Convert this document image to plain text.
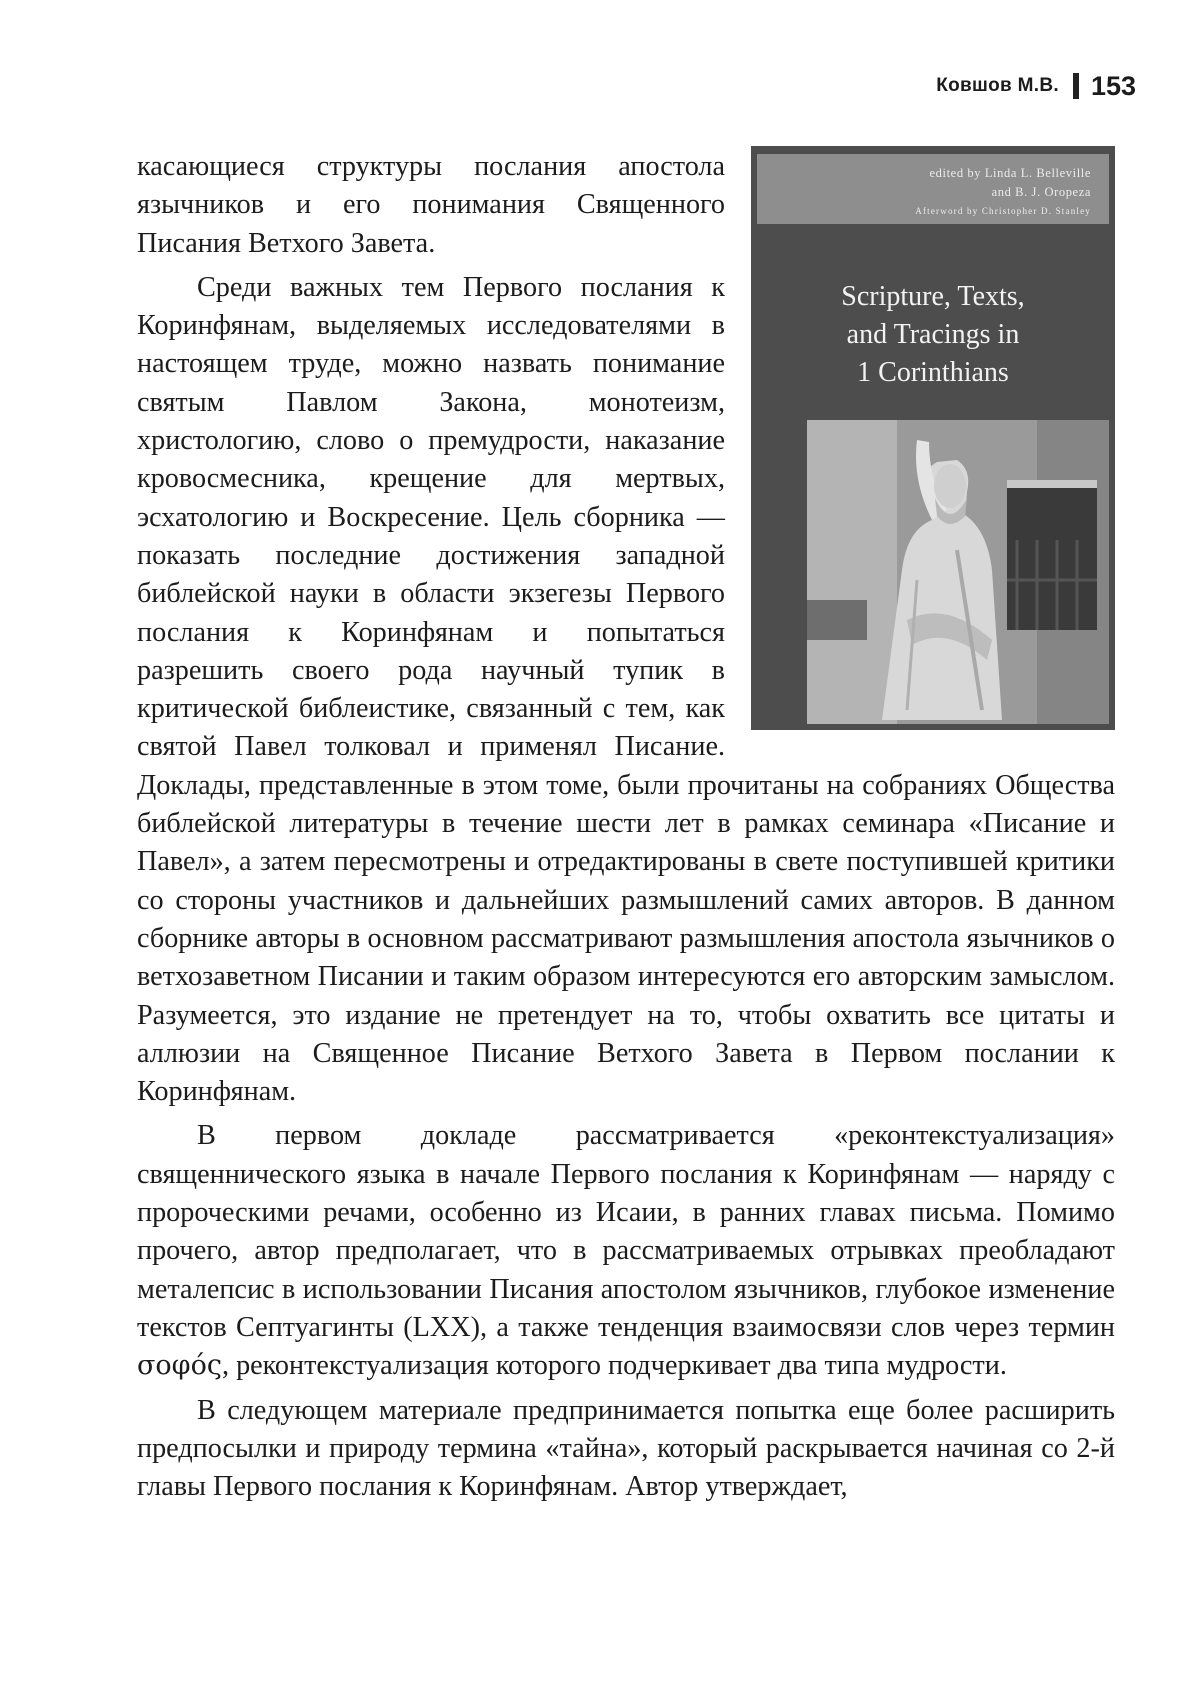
Ковшов М.В. 153
edited by Linda L. Belleville
and B. J. Oropeza
Afterword by Christopher D. Stanley
Scripture, Texts,
and Tracings in
1 Corinthians

касающиеся структуры послания апостола язычников и его понимания Священного Писания Ветхого Завета.

Среди важных тем Первого послания к Коринфянам, выделяемых исследователями в настоящем труде, можно назвать понимание святым Павлом Закона, монотеизм, христологию, слово о премудрости, наказание кровосмесника, крещение для мертвых, эсхатологию и Воскресение. Цель сборника — показать последние достижения западной библейской науки в области экзегезы Первого послания к Коринфянам и попытаться разрешить своего рода научный тупик в критической библеистике, связанный с тем, как святой Павел толковал и применял Писание. Доклады, представленные в этом томе, были прочитаны на собраниях Общества библейской литературы в течение шести лет в рамках семинара «Писание и Павел», а затем пересмотрены и отредактированы в свете поступившей критики со стороны участников и дальнейших размышлений самих авторов. В данном сборнике авторы в основном рассматривают размышления апостола язычников о ветхозаветном Писании и таким образом интересуются его авторским замыслом. Разумеется, это издание не претендует на то, чтобы охватить все цитаты и аллюзии на Священное Писание Ветхого Завета в Первом послании к Коринфянам.

В первом докладе рассматривается «реконтекстуализация» священнического языка в начале Первого послания к Коринфянам — наряду с пророческими речами, особенно из Исаии, в ранних главах письма. Помимо прочего, автор предполагает, что в рассматриваемых отрывках преобладают металепсис в использовании Писания апостолом язычников, глубокое изменение текстов Септуагинты (LXX), а также тенденция взаимосвязи слов через термин σοφός, реконтекстуализация которого подчеркивает два типа мудрости.

В следующем материале предпринимается попытка еще более расширить предпосылки и природу термина «тайна», который раскрывается начиная со 2-й главы Первого послания к Коринфянам. Автор утверждает,
